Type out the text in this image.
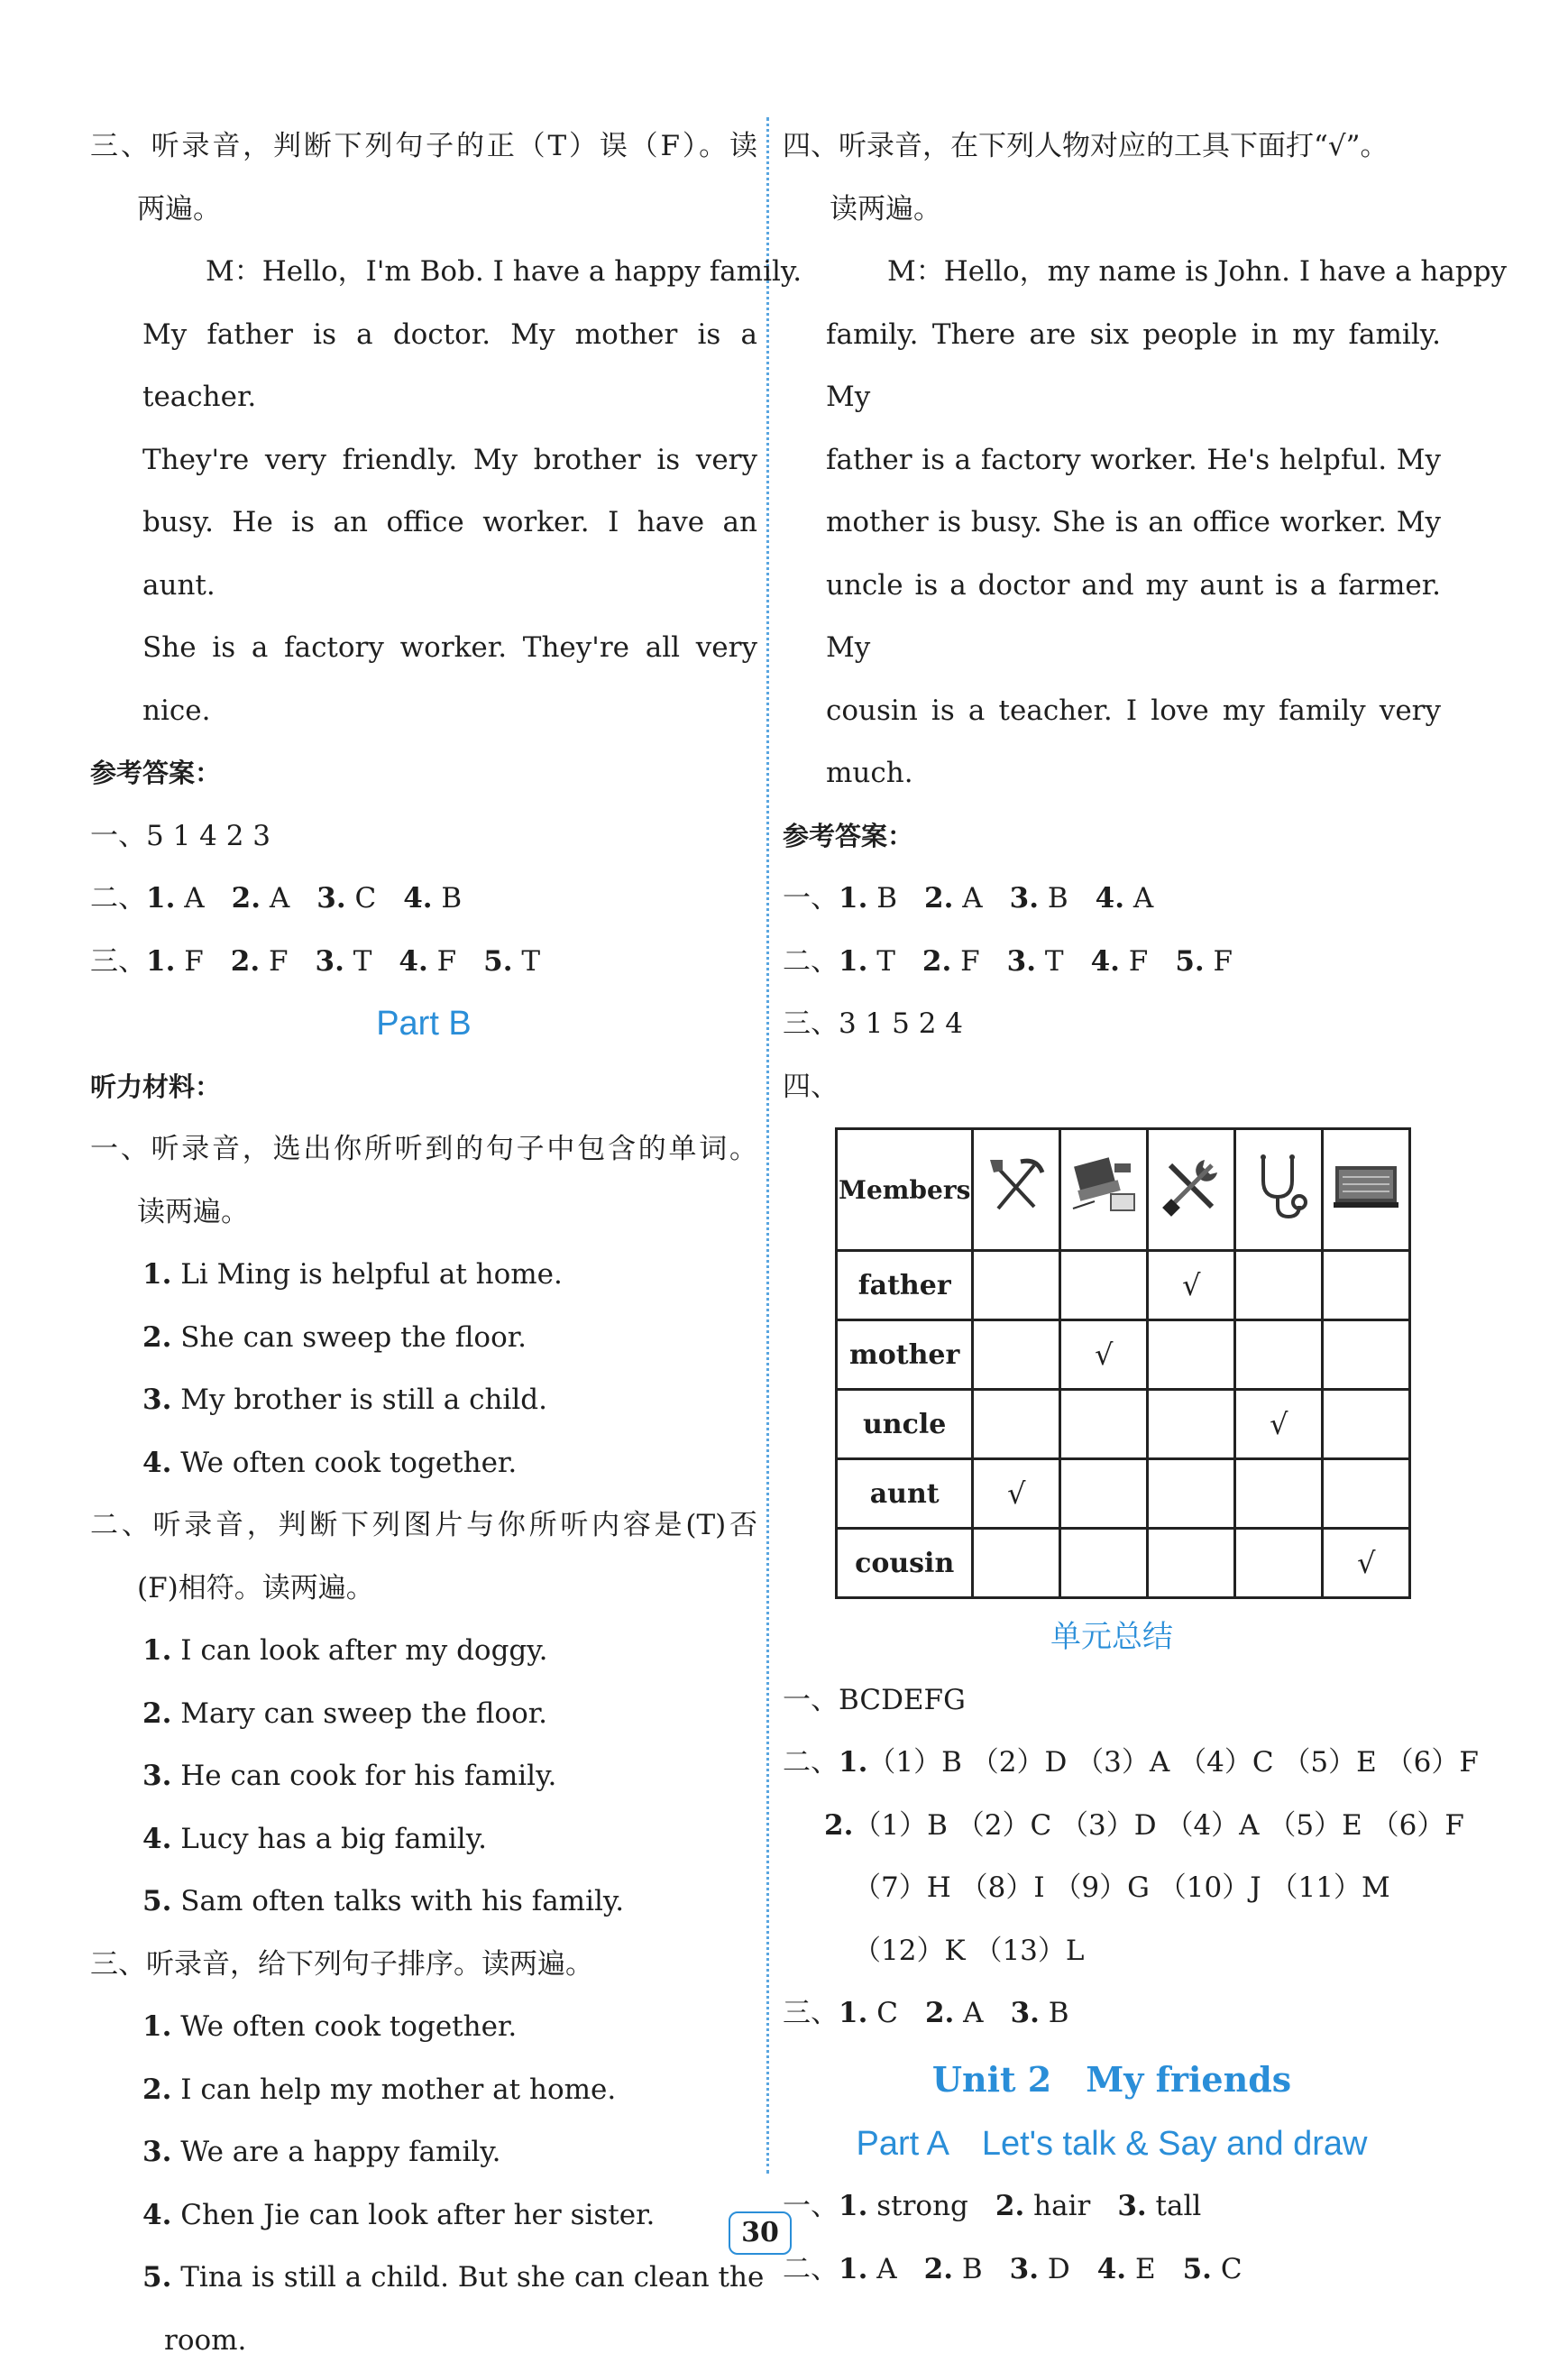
三、听录音，判断下列句子的正（T）误（F）。读
两遍。
M：Hello，I'm Bob. I have a happy family.
My father is a doctor. My mother is a teacher.
They're very friendly. My brother is very
busy. He is an office worker. I have an aunt.
She is a factory worker. They're all very nice.
参考答案：
一、5 1 4 2 3
二、1. A 2. A 3. C 4. B
三、1. F 2. F 3. T 4. F 5. T
Part B
听力材料：
一、听录音，选出你所听到的句子中包含的单词。
读两遍。
1. Li Ming is helpful at home.
2. She can sweep the floor.
3. My brother is still a child.
4. We often cook together.
二、听录音，判断下列图片与你所听内容是(T)否
(F)相符。读两遍。
1. I can look after my doggy.
2. Mary can sweep the floor.
3. He can cook for his family.
4. Lucy has a big family.
5. Sam often talks with his family.
三、听录音，给下列句子排序。读两遍。
1. We often cook together.
2. I can help my mother at home.
3. We are a happy family.
4. Chen Jie can look after her sister.
5. Tina is still a child. But she can clean the
room.
四、听录音，在下列人物对应的工具下面打“√”。
读两遍。
M：Hello，my name is John. I have a happy
family. There are six people in my family. My
father is a factory worker. He's helpful. My
mother is busy. She is an office worker. My
uncle is a doctor and my aunt is a farmer. My
cousin is a teacher. I love my family very
much.
参考答案：
一、1. B 2. A 3. B 4. A
二、1. T 2. F 3. T 4. F 5. F
三、3 1 5 2 4
四、
Members					
father			√		
mother		√			
uncle				√	
aunt	√				
cousin					√
单元总结
一、BCDEFG
二、1.（1）B （2）D （3）A （4）C （5）E （6）F
2.（1）B （2）C （3）D （4）A （5）E （6）F
（7）H （8）I （9）G （10）J （11）M
（12）K （13）L
三、1. C 2. A 3. B
Unit 2　My friends
Part A　Let's talk & Say and draw
一、1. strong 2. hair 3. tall
二、1. A 2. B 3. D 4. E 5. C
30
